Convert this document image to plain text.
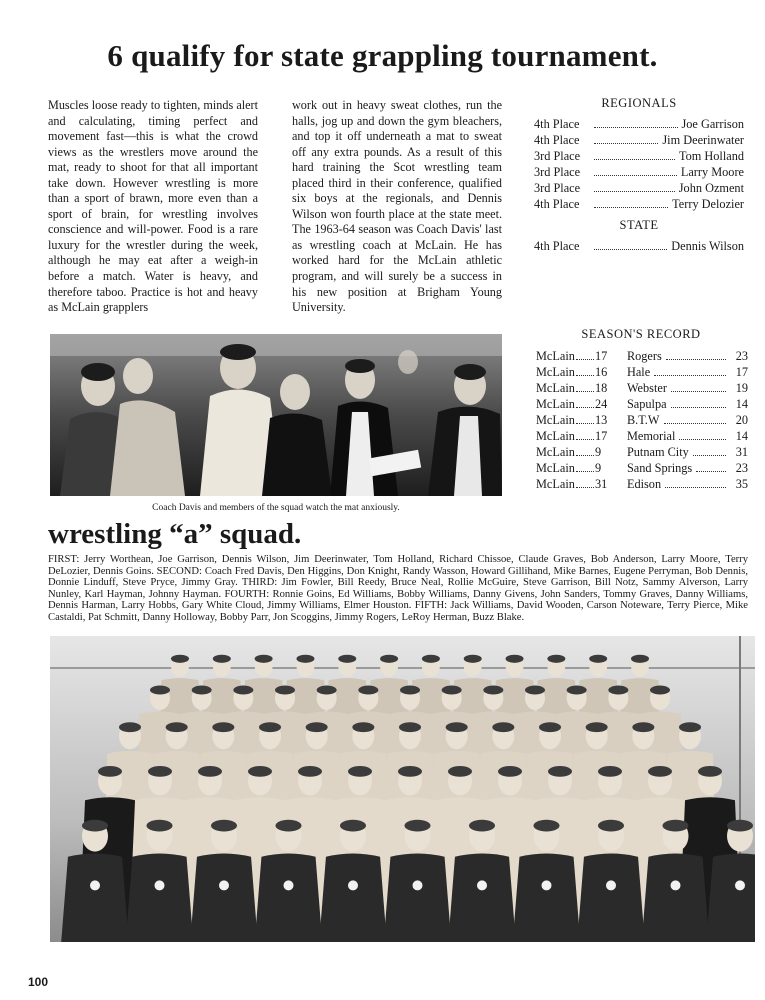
6 qualify for state grappling tournament.
Muscles loose ready to tighten, minds alert and calculating, timing perfect and movement fast—this is what the crowd views as the wrestlers move around the mat, ready to shoot for that all important take down. However wrestling is more than a sport of brawn, more even than a sport of brain, for wrestling involves conscience and will-power. Food is a rare luxury for the wrestler during the week, although he may eat after a weigh-in before a match. Water is heavy, and therefore taboo. Practice is hot and heavy as McLain grapplers
work out in heavy sweat clothes, run the halls, jog up and down the gym bleachers, and top it off underneath a mat to sweat off any extra pounds. As a result of this hard training the Scot wrestling team placed third in their conference, qualified six boys at the regionals, and Dennis Wilson won fourth place at the state meet. The 1963-64 season was Coach Davis' last as wrestling coach at McLain. He has worked hard for the McLain athletic program, and will surely be a success in his new position at Brigham Young University.
REGIONALS
4th Place	Joe Garrison
4th Place	Jim Deerinwater
3rd Place	Tom Holland
3rd Place	Larry Moore
3rd Place	John Ozment
4th Place	Terry Delozier
STATE
4th Place	Dennis Wilson
SEASON'S RECORD
McLain 17	Rogers	23
McLain 16	Hale	17
McLain 18	Webster	19
McLain 24	Sapulpa	14
McLain 13	B.T.W	20
McLain 17	Memorial	14
McLain 9	Putnam City	31
McLain 9	Sand Springs	23
McLain 31	Edison	35
Coach Davis and members of the squad watch the mat anxiously.
wrestling “a” squad.
FIRST: Jerry Worthean, Joe Garrison, Dennis Wilson, Jim Deerinwater, Tom Holland, Richard Chissoe, Claude Graves, Bob Anderson, Larry Moore, Terry DeLozier, Dennis Goins. SECOND: Coach Fred Davis, Den Higgins, Don Knight, Randy Wasson, Howard Gillihand, Mike Barnes, Eugene Perryman, Bob Dennis, Donnie Linduff, Steve Pryce, Jimmy Gray. THIRD: Jim Fowler, Bill Reedy, Bruce Neal, Rollie McGuire, Steve Garrison, Bill Notz, Sammy Alverson, Larry Nunley, Karl Hayman, Johnny Hayman. FOURTH: Ronnie Goins, Ed Williams, Bobby Williams, Danny Givens, John Sanders, Tommy Graves, Danny Williams, Dennis Harman, Larry Hobbs, Gary White Cloud, Jimmy Williams, Elmer Houston. FIFTH: Jack Williams, David Wooden, Carson Noteware, Terry Pierce, Mike Castaldi, Pat Schmitt, Danny Holloway, Bobby Parr, Jon Scoggins, Jimmy Rogers, LeRoy Herman, Buzz Blake.
100
